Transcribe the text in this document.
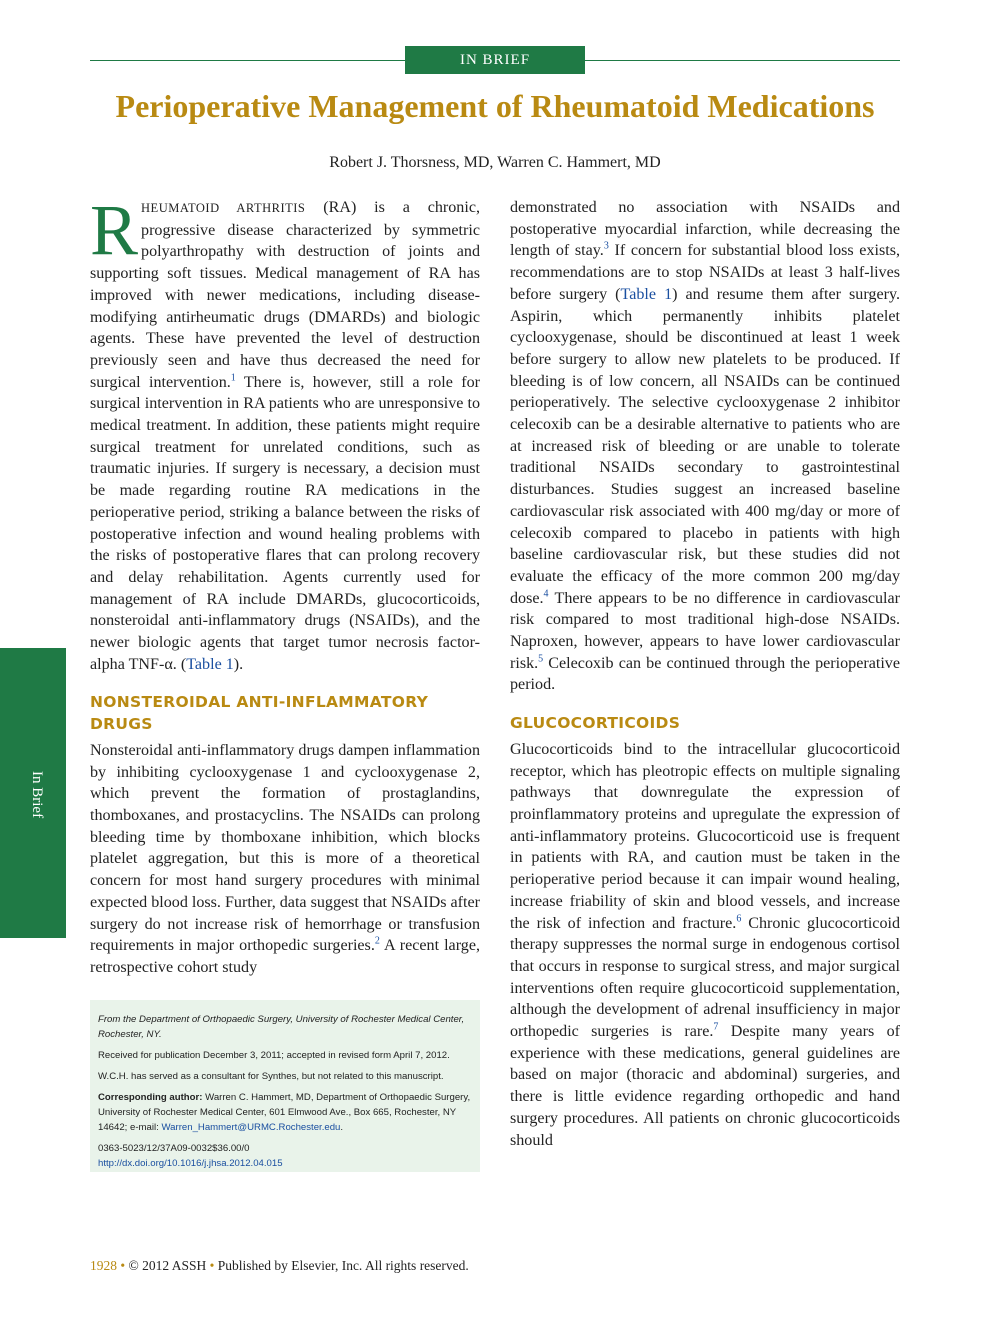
IN BRIEF
Perioperative Management of Rheumatoid Medications
Robert J. Thorsness, MD, Warren C. Hammert, MD
In Brief

RHEUMATOID ARTHRITIS (RA) is a chronic, progressive disease characterized by symmetric polyarthropathy with destruction of joints and supporting soft tissues. Medical management of RA has improved with newer medications, including disease-modifying antirheumatic drugs (DMARDs) and biologic agents. These have prevented the level of destruction previously seen and have thus decreased the need for surgical intervention.$^1$ There is, however, still a role for surgical intervention in RA patients who are unresponsive to medical treatment. In addition, these patients might require surgical treatment for unrelated conditions, such as traumatic injuries. If surgery is necessary, a decision must be made regarding routine RA medications in the perioperative period, striking a balance between the risks of postoperative infection and wound healing problems with the risks of postoperative flares that can prolong recovery and delay rehabilitation. Agents currently used for management of RA include DMARDs, glucocorticoids, nonsteroidal anti-inflammatory drugs (NSAIDs), and the newer biologic agents that target tumor necrosis factor-alpha TNF-α. (Table 1).

NONSTEROIDAL ANTI-INFLAMMATORY DRUGS

Nonsteroidal anti-inflammatory drugs dampen inflammation by inhibiting cyclooxygenase 1 and cyclooxygenase 2, which prevent the formation of prostaglandins, thomboxanes, and prostacyclins. The NSAIDs can prolong bleeding time by thomboxane inhibition, which blocks platelet aggregation, but this is more of a theoretical concern for most hand surgery procedures with minimal expected blood loss. Further, data suggest that NSAIDs after surgery do not increase risk of hemorrhage or transfusion requirements in major orthopedic surgeries.$^2$ A recent large, retrospective cohort study

demonstrated no association with NSAIDs and postoperative myocardial infarction, while decreasing the length of stay.$^3$ If concern for substantial blood loss exists, recommendations are to stop NSAIDs at least 3 half-lives before surgery (Table 1) and resume them after surgery. Aspirin, which permanently inhibits platelet cyclooxygenase, should be discontinued at least 1 week before surgery to allow new platelets to be produced. If bleeding is of low concern, all NSAIDs can be continued perioperatively. The selective cyclooxygenase 2 inhibitor celecoxib can be a desirable alternative to patients who are at increased risk of bleeding or are unable to tolerate traditional NSAIDs secondary to gastrointestinal disturbances. Studies suggest an increased baseline cardiovascular risk associated with 400 mg/day or more of celecoxib compared to placebo in patients with high baseline cardiovascular risk, but these studies did not evaluate the efficacy of the more common 200 mg/day dose.$^4$ There appears to be no difference in cardiovascular risk compared to most traditional high-dose NSAIDs. Naproxen, however, appears to have lower cardiovascular risk.$^5$ Celecoxib can be continued through the perioperative period.

GLUCOCORTICOIDS

Glucocorticoids bind to the intracellular glucocorticoid receptor, which has pleotropic effects on multiple signaling pathways that downregulate the expression of proinflammatory proteins and upregulate the expression of anti-inflammatory proteins. Glucocorticoid use is frequent in patients with RA, and caution must be taken in the perioperative period because it can impair wound healing, increase friability of skin and blood vessels, and increase the risk of infection and fracture.$^6$ Chronic glucocorticoid therapy suppresses the normal surge in endogenous cortisol that occurs in response to surgical stress, and major surgical interventions often require glucocorticoid supplementation, although the development of adrenal insufficiency in major orthopedic surgeries is rare.$^7$ Despite many years of experience with these medications, general guidelines are based on major (thoracic and abdominal) surgeries, and there is little evidence regarding orthopedic and hand surgery procedures. All patients on chronic glucocorticoids should

From the Department of Orthopaedic Surgery, University of Rochester Medical Center, Rochester, NY.

Received for publication December 3, 2011; accepted in revised form April 7, 2012.

W.C.H. has served as a consultant for Synthes, but not related to this manuscript.

Corresponding author: Warren C. Hammert, MD, Department of Orthopaedic Surgery, University of Rochester Medical Center, 601 Elmwood Ave., Box 665, Rochester, NY 14642; e-mail: Warren_Hammert@URMC.Rochester.edu.

0363-5023/12/37A09-0032$36.00/0

http://dx.doi.org/10.1016/j.jhsa.2012.04.015

1928 • © 2012 ASSH • Published by Elsevier, Inc. All rights reserved.
